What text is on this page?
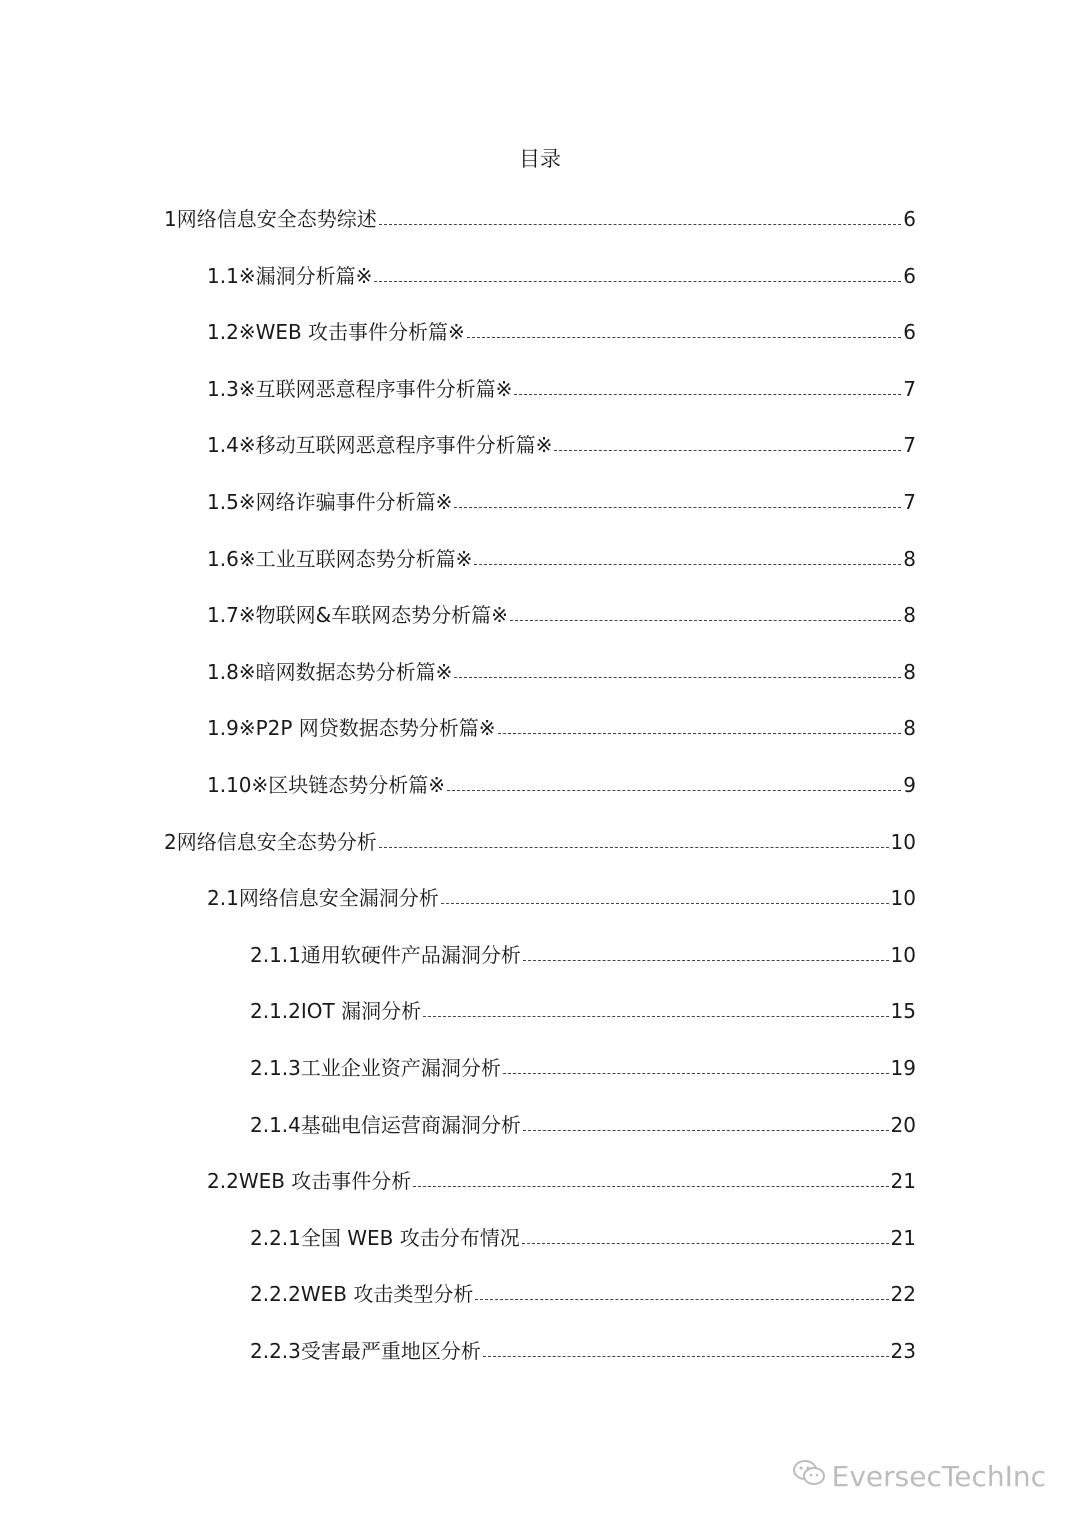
目录
1 网络信息安全态势综述	6
1.1 ※漏洞分析篇※	6
1.2 ※WEB 攻击事件分析篇※	6
1.3 ※互联网恶意程序事件分析篇※	7
1.4 ※移动互联网恶意程序事件分析篇※	7
1.5 ※网络诈骗事件分析篇※	7
1.6 ※工业互联网态势分析篇※	8
1.7 ※物联网&车联网态势分析篇※	8
1.8 ※暗网数据态势分析篇※	8
1.9 ※P2P 网贷数据态势分析篇※	8
1.10 ※区块链态势分析篇※	9
2 网络信息安全态势分析	10
2.1 网络信息安全漏洞分析	10
2.1.1 通用软硬件产品漏洞分析	10
2.1.2 IOT 漏洞分析	15
2.1.3 工业企业资产漏洞分析	19
2.1.4 基础电信运营商漏洞分析	20
2.2 WEB 攻击事件分析	21
2.2.1 全国 WEB 攻击分布情况	21
2.2.2 WEB 攻击类型分析	22
2.2.3 受害最严重地区分析	23
EversecTechInc
